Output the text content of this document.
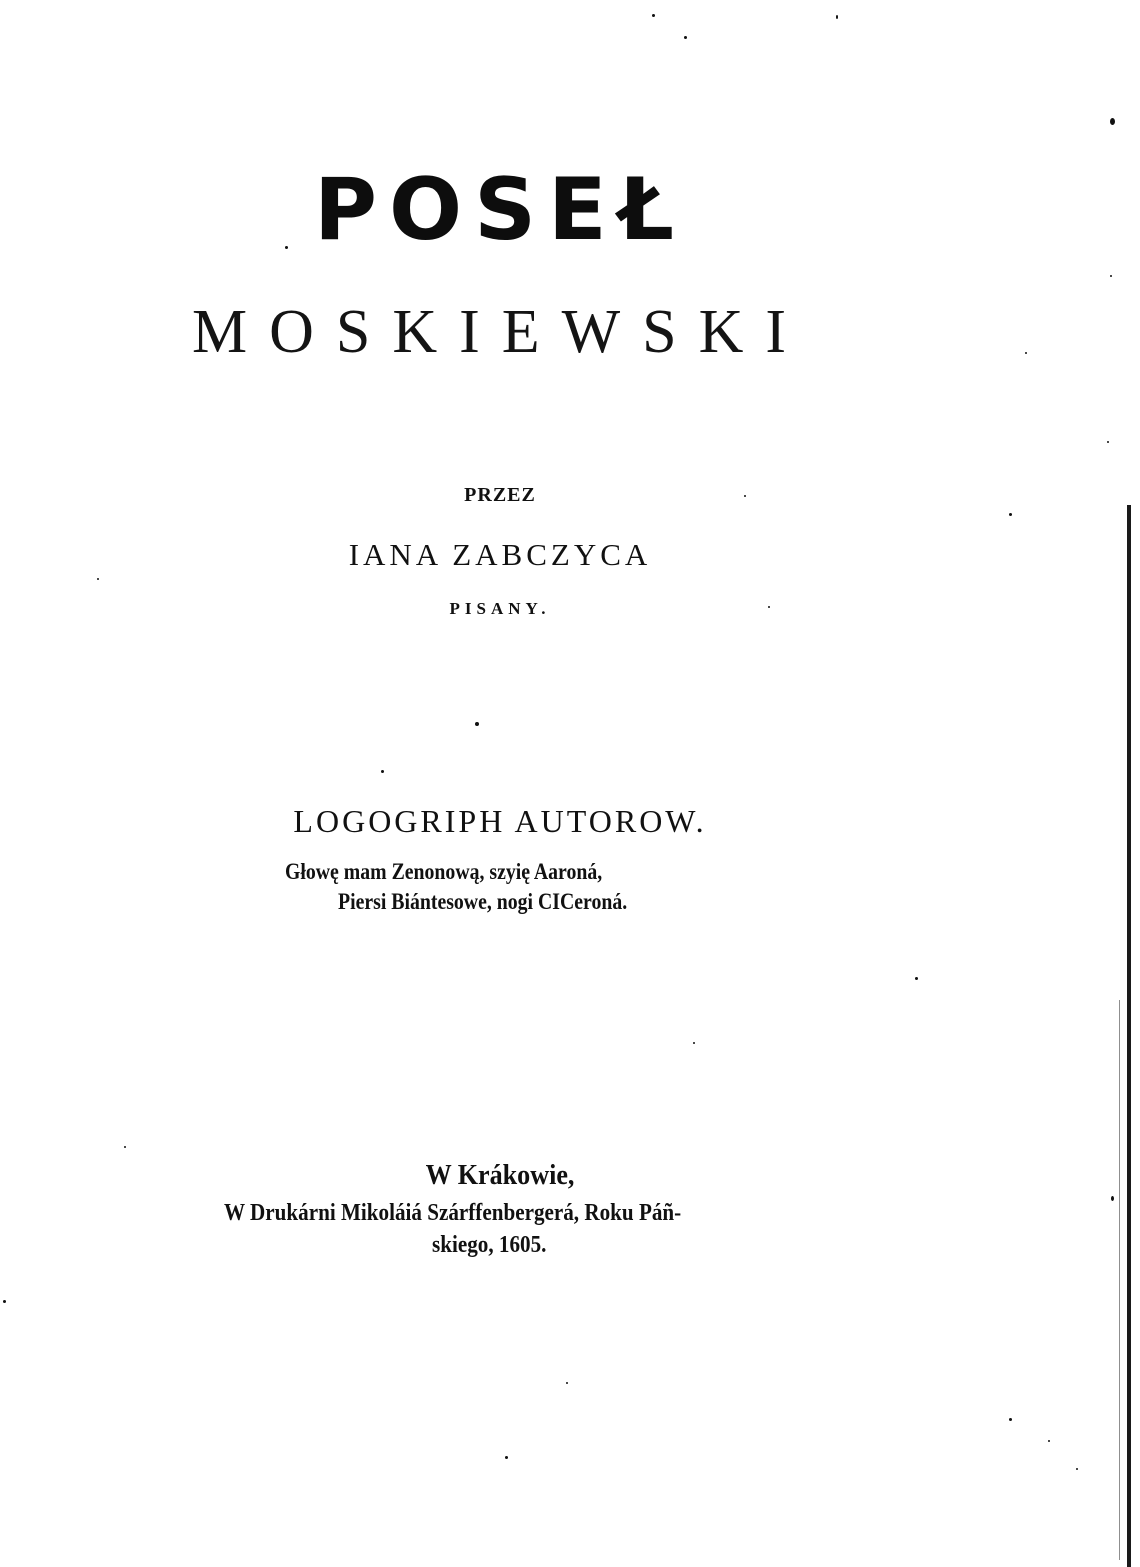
POSEŁ
MOSKIEWSKI
PRZEZ
IANA ZABCZYCA
PISANY.
LOGOGRIPH AUTOROW.
Głowę mam Zenonową, szyię Aaroná,
Piersi Biántesowe, nogi CICeroná.
W Krákowie,
W Drukárni Mikoláiá Szárffenbergerá, Roku Páñ-
skiego, 1605.
